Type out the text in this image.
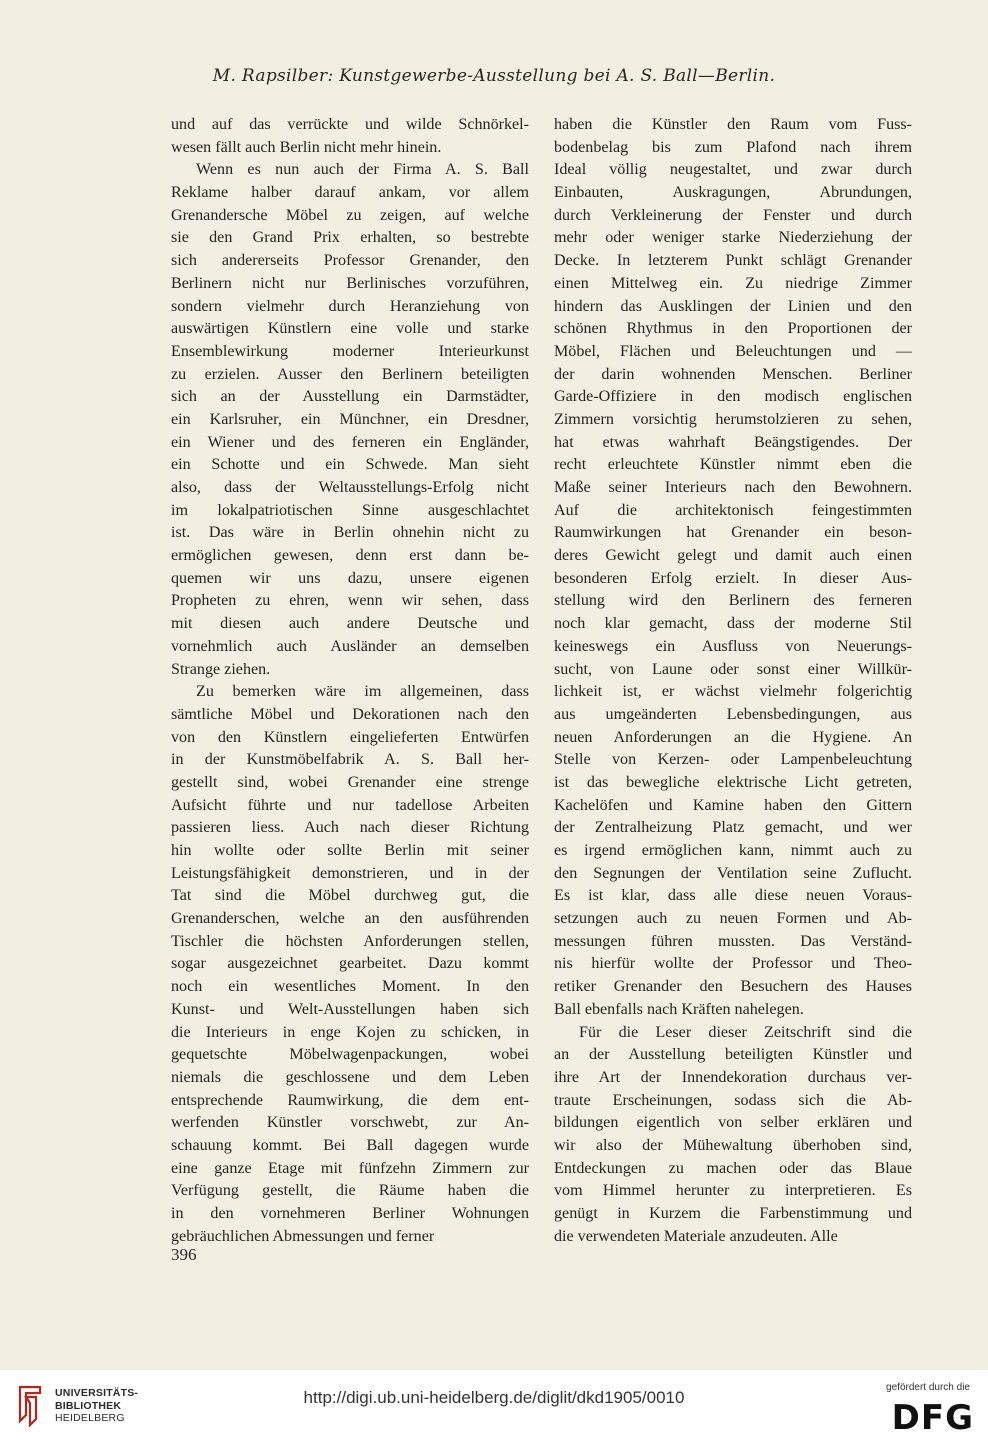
M. Rapsilber: Kunstgewerbe-Ausstellung bei A. S. Ball—Berlin.
und auf das verrückte und wilde Schnörkel-
wesen fällt auch Berlin nicht mehr hinein.
Wenn es nun auch der Firma A. S. Ball
Reklame halber darauf ankam, vor allem
Grenandersche Möbel zu zeigen, auf welche
sie den Grand Prix erhalten, so bestrebte
sich andererseits Professor Grenander, den
Berlinern nicht nur Berlinisches vorzuführen,
sondern vielmehr durch Heranziehung von
auswärtigen Künstlern eine volle und starke
Ensemblewirkung moderner Interieurkunst
zu erzielen. Ausser den Berlinern beteiligten
sich an der Ausstellung ein Darmstädter,
ein Karlsruher, ein Münchner, ein Dresdner,
ein Wiener und des ferneren ein Engländer,
ein Schotte und ein Schwede. Man sieht
also, dass der Weltausstellungs-Erfolg nicht
im lokalpatriotischen Sinne ausgeschlachtet
ist. Das wäre in Berlin ohnehin nicht zu
ermöglichen gewesen, denn erst dann be-
quemen wir uns dazu, unsere eigenen
Propheten zu ehren, wenn wir sehen, dass
mit diesen auch andere Deutsche und
vornehmlich auch Ausländer an demselben
Strange ziehen.
Zu bemerken wäre im allgemeinen, dass
sämtliche Möbel und Dekorationen nach den
von den Künstlern eingelieferten Entwürfen
in der Kunstmöbelfabrik A. S. Ball her-
gestellt sind, wobei Grenander eine strenge
Aufsicht führte und nur tadellose Arbeiten
passieren liess. Auch nach dieser Richtung
hin wollte oder sollte Berlin mit seiner
Leistungsfähigkeit demonstrieren, und in der
Tat sind die Möbel durchweg gut, die
Grenanderschen, welche an den ausführenden
Tischler die höchsten Anforderungen stellen,
sogar ausgezeichnet gearbeitet. Dazu kommt
noch ein wesentliches Moment. In den
Kunst- und Welt-Ausstellungen haben sich
die Interieurs in enge Kojen zu schicken, in
gequetschte Möbelwagenpackungen, wobei
niemals die geschlossene und dem Leben
entsprechende Raumwirkung, die dem ent-
werfenden Künstler vorschwebt, zur An-
schauung kommt. Bei Ball dagegen wurde
eine ganze Etage mit fünfzehn Zimmern zur
Verfügung gestellt, die Räume haben die
in den vornehmeren Berliner Wohnungen
gebräuchlichen Abmessungen und ferner
haben die Künstler den Raum vom Fuss-
bodenbelag bis zum Plafond nach ihrem
Ideal völlig neugestaltet, und zwar durch
Einbauten, Auskragungen, Abrundungen,
durch Verkleinerung der Fenster und durch
mehr oder weniger starke Niederziehung der
Decke. In letzterem Punkt schlägt Grenander
einen Mittelweg ein. Zu niedrige Zimmer
hindern das Ausklingen der Linien und den
schönen Rhythmus in den Proportionen der
Möbel, Flächen und Beleuchtungen und —
der darin wohnenden Menschen. Berliner
Garde-Offiziere in den modisch englischen
Zimmern vorsichtig herumstolzieren zu sehen,
hat etwas wahrhaft Beängstigendes. Der
recht erleuchtete Künstler nimmt eben die
Maße seiner Interieurs nach den Bewohnern.
Auf die architektonisch feingestimmten
Raumwirkungen hat Grenander ein beson-
deres Gewicht gelegt und damit auch einen
besonderen Erfolg erzielt. In dieser Aus-
stellung wird den Berlinern des ferneren
noch klar gemacht, dass der moderne Stil
keineswegs ein Ausfluss von Neuerungs-
sucht, von Laune oder sonst einer Willkür-
lichkeit ist, er wächst vielmehr folgerichtig
aus umgeänderten Lebensbedingungen, aus
neuen Anforderungen an die Hygiene. An
Stelle von Kerzen- oder Lampenbeleuchtung
ist das bewegliche elektrische Licht getreten,
Kachelöfen und Kamine haben den Gittern
der Zentralheizung Platz gemacht, und wer
es irgend ermöglichen kann, nimmt auch zu
den Segnungen der Ventilation seine Zuflucht.
Es ist klar, dass alle diese neuen Voraus-
setzungen auch zu neuen Formen und Ab-
messungen führen mussten. Das Verständ-
nis hierfür wollte der Professor und Theo-
retiker Grenander den Besuchern des Hauses
Ball ebenfalls nach Kräften nahelegen.
Für die Leser dieser Zeitschrift sind die
an der Ausstellung beteiligten Künstler und
ihre Art der Innendekoration durchaus ver-
traute Erscheinungen, sodass sich die Ab-
bildungen eigentlich von selber erklären und
wir also der Mühewaltung überhoben sind,
Entdeckungen zu machen oder das Blaue
vom Himmel herunter zu interpretieren. Es
genügt in Kurzem die Farbenstimmung und
die verwendeten Materiale anzudeuten. Alle
396
UNIVERSITÄTS-
BIBLIOTHEK
HEIDELBERG
http://digi.ub.uni-heidelberg.de/diglit/dkd1905/0010
gefördert durch die
DFG
